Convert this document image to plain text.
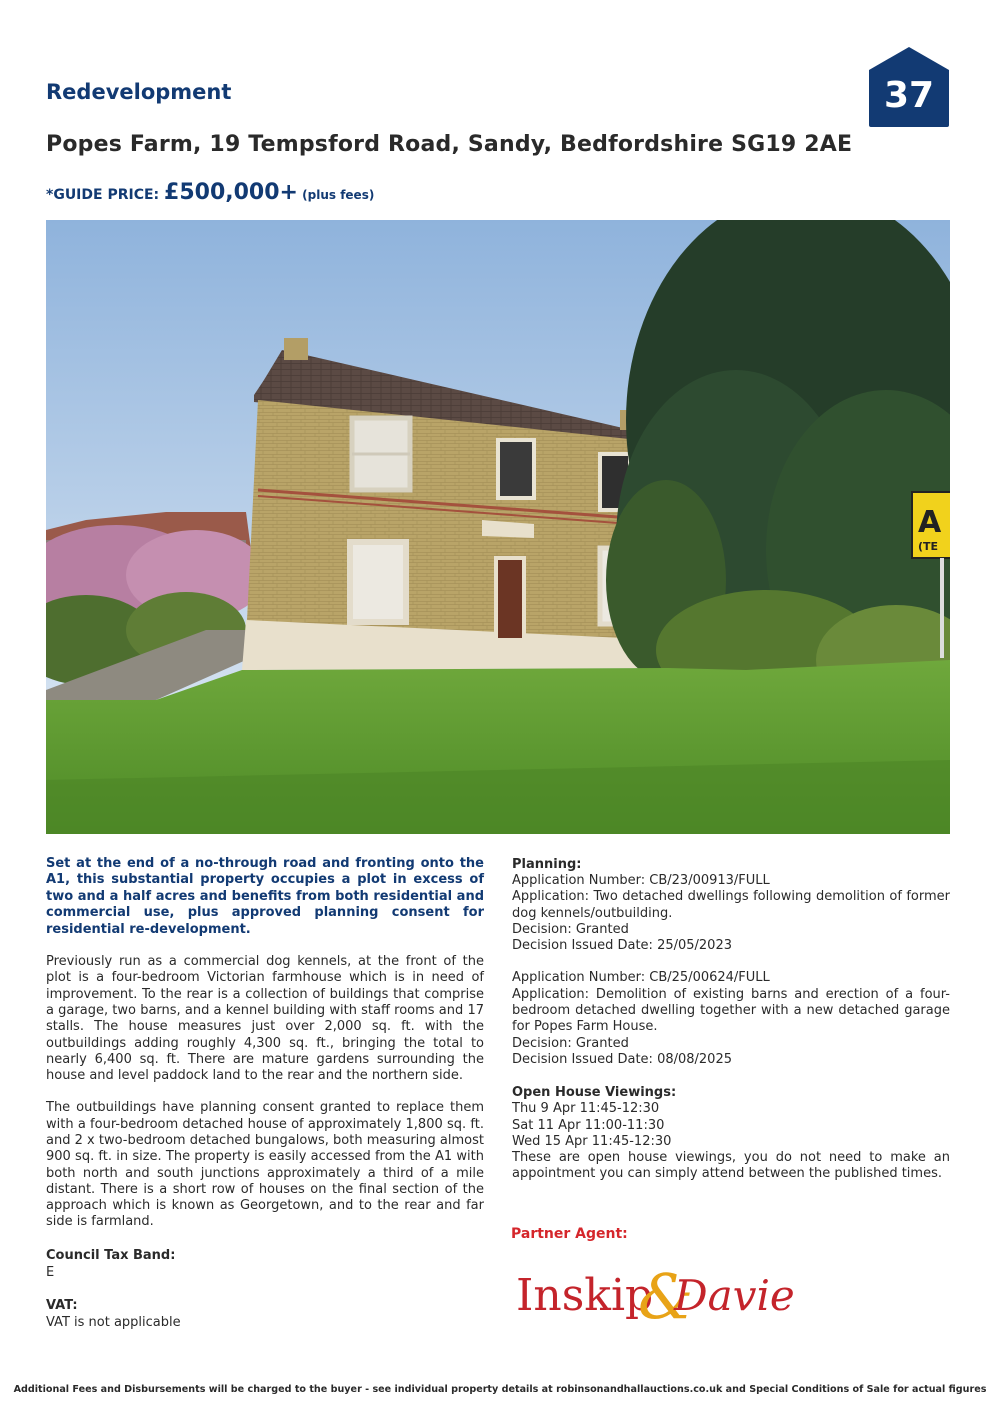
Redevelopment	37
Popes Farm, 19 Tempsford Road, Sandy, Bedfordshire SG19 2AE
*GUIDE PRICE: £500,000+ (plus fees)
A
(TE

Set at the end of a no-through road and fronting onto the A1, this substantial property occupies a plot in excess of two and a half acres and benefits from both residential and commercial use, plus approved planning consent for residential re-development.

Previously run as a commercial dog kennels, at the front of the plot is a four-bedroom Victorian farmhouse which is in need of improvement. To the rear is a collection of buildings that comprise a garage, two barns, and a kennel building with staff rooms and 17 stalls. The house measures just over 2,000 sq. ft. with the outbuildings adding roughly 4,300 sq. ft., bringing the total to nearly 6,400 sq. ft. There are mature gardens surrounding the house and level paddock land to the rear and the northern side.

The outbuildings have planning consent granted to replace them with a four-bedroom detached house of approximately 1,800 sq. ft. and 2 x two-bedroom detached bungalows, both measuring almost 900 sq. ft. in size. The property is easily accessed from the A1 with both north and south junctions approximately a third of a mile distant. There is a short row of houses on the final section of the approach which is known as Georgetown, and to the rear and far side is farmland.

Council Tax Band:
E
VAT:
VAT is not applicable
Planning:
Application Number: CB/23/00913/FULL
Application: Two detached dwellings following demolition of former dog kennels/outbuilding.
Decision: Granted
Decision Issued Date: 25/05/2023
Application Number: CB/25/00624/FULL
Application: Demolition of existing barns and erection of a four-bedroom detached dwelling together with a new detached garage for Popes Farm House.
Decision: Granted
Decision Issued Date: 08/08/2025
Open House Viewings:
Thu 9 Apr 11:45-12:30
Sat 11 Apr 11:00-11:30
Wed 15 Apr 11:45-12:30
These are open house viewings, you do not need to make an appointment you can simply attend between the published times.
Partner Agent:
Inskip
&
Davie
Additional Fees and Disbursements will be charged to the buyer - see individual property details at robinsonandhallauctions.co.uk and Special Conditions of Sale for actual figures
